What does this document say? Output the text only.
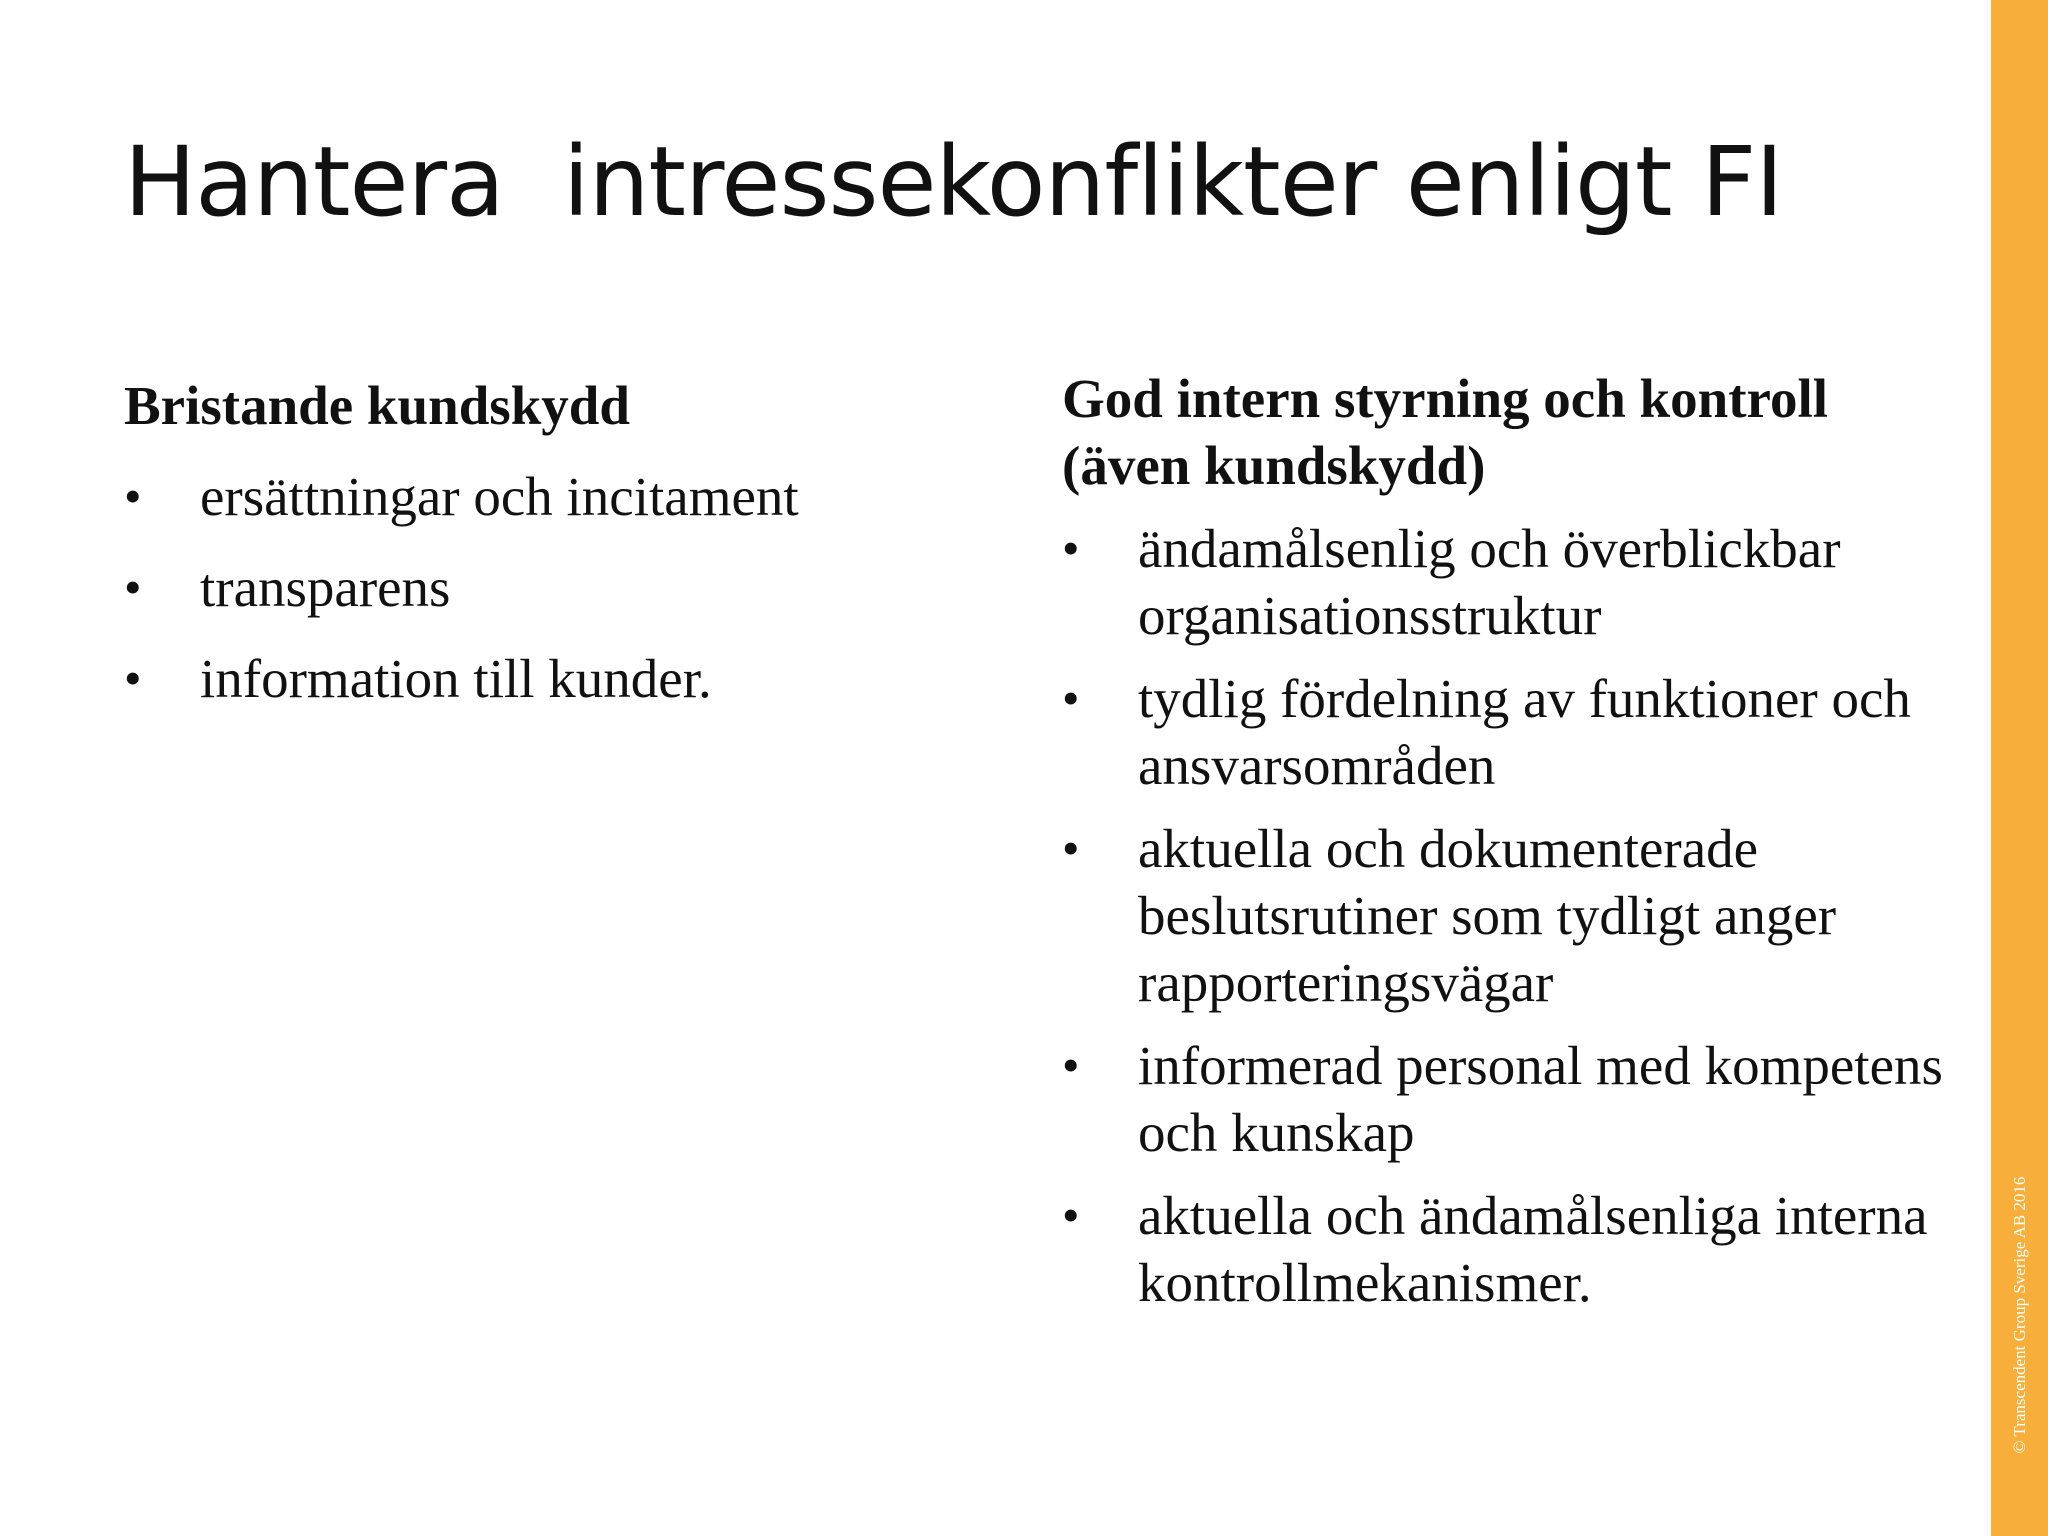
Hantera  intressekonflikter enligt FI
Bristande kundskydd
• ersättningar och incitament
• transparens
• information till kunder.
God intern styrning och kontroll
(även kundskydd)
• ändamålsenlig och överblickbar organisationsstruktur
• tydlig fördelning av funktioner och ansvarsområden
• aktuella och dokumenterade beslutsrutiner som tydligt anger rapporteringsvägar
• informerad personal med kompetens och kunskap
• aktuella och ändamålsenliga interna kontrollmekanismer.	© Transcendent Group Sverige AB 2016
